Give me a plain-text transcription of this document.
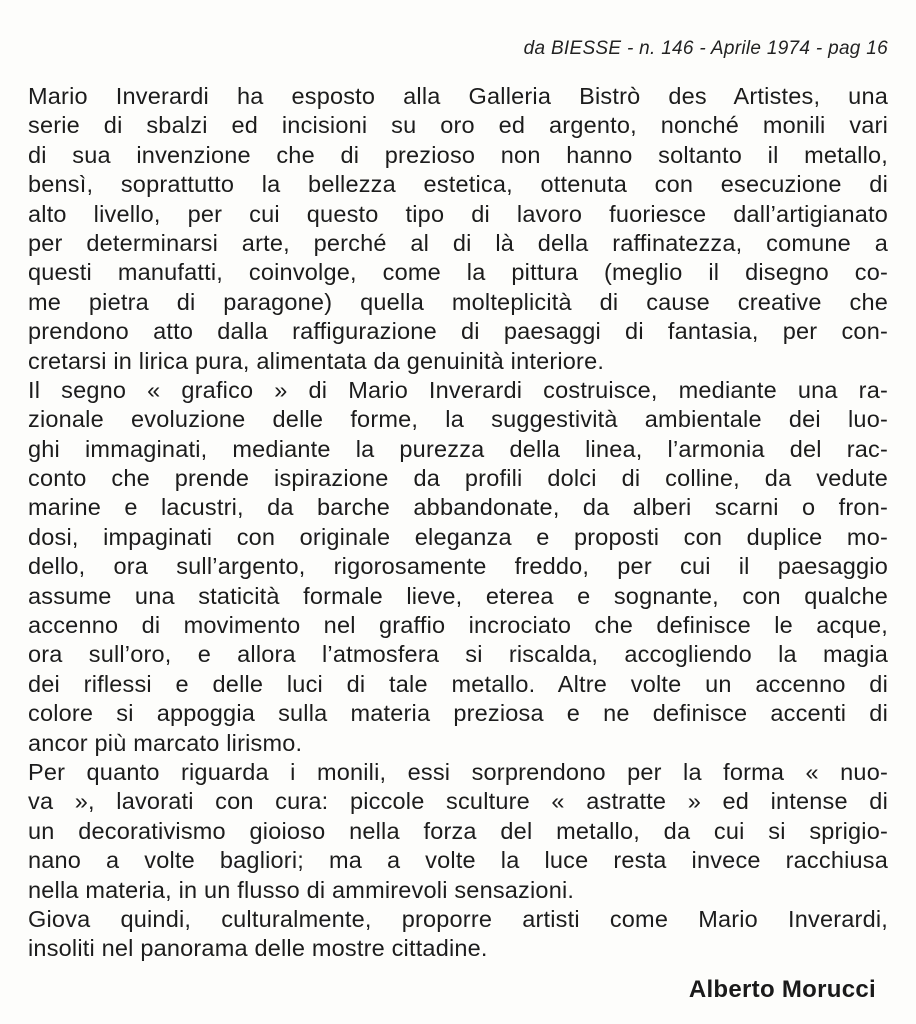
da BIESSE - n. 146 - Aprile 1974 - pag 16
Mario Inverardi ha esposto alla Galleria Bistrò des Artistes, una
serie di sbalzi ed incisioni su oro ed argento, nonché monili vari
di sua invenzione che di prezioso non hanno soltanto il metallo,
bensì, soprattutto la bellezza estetica, ottenuta con esecuzione di
alto livello, per cui questo tipo di lavoro fuoriesce dall’artigianato
per determinarsi arte, perché al di là della raffinatezza, comune a
questi manufatti, coinvolge, come la pittura (meglio il disegno co-
me pietra di paragone) quella molteplicità di cause creative che
prendono atto dalla raffigurazione di paesaggi di fantasia, per con-
cretarsi in lirica pura, alimentata da genuinità interiore.
Il segno « grafico » di Mario Inverardi costruisce, mediante una ra-
zionale evoluzione delle forme, la suggestività ambientale dei luo-
ghi immaginati, mediante la purezza della linea, l’armonia del rac-
conto che prende ispirazione da profili dolci di colline, da vedute
marine e lacustri, da barche abbandonate, da alberi scarni o fron-
dosi, impaginati con originale eleganza e proposti con duplice mo-
dello, ora sull’argento, rigorosamente freddo, per cui il paesaggio
assume una staticità formale lieve, eterea e sognante, con qualche
accenno di movimento nel graffio incrociato che definisce le acque,
ora sull’oro, e allora l’atmosfera si riscalda, accogliendo la magia
dei riflessi e delle luci di tale metallo. Altre volte un accenno di
colore si appoggia sulla materia preziosa e ne definisce accenti di
ancor più marcato lirismo.
Per quanto riguarda i monili, essi sorprendono per la forma « nuo-
va », lavorati con cura: piccole sculture « astratte » ed intense di
un decorativismo gioioso nella forza del metallo, da cui si sprigio-
nano a volte bagliori; ma a volte la luce resta invece racchiusa
nella materia, in un flusso di ammirevoli sensazioni.
Giova quindi, culturalmente, proporre artisti come Mario Inverardi,
insoliti nel panorama delle mostre cittadine.
Alberto Morucci
